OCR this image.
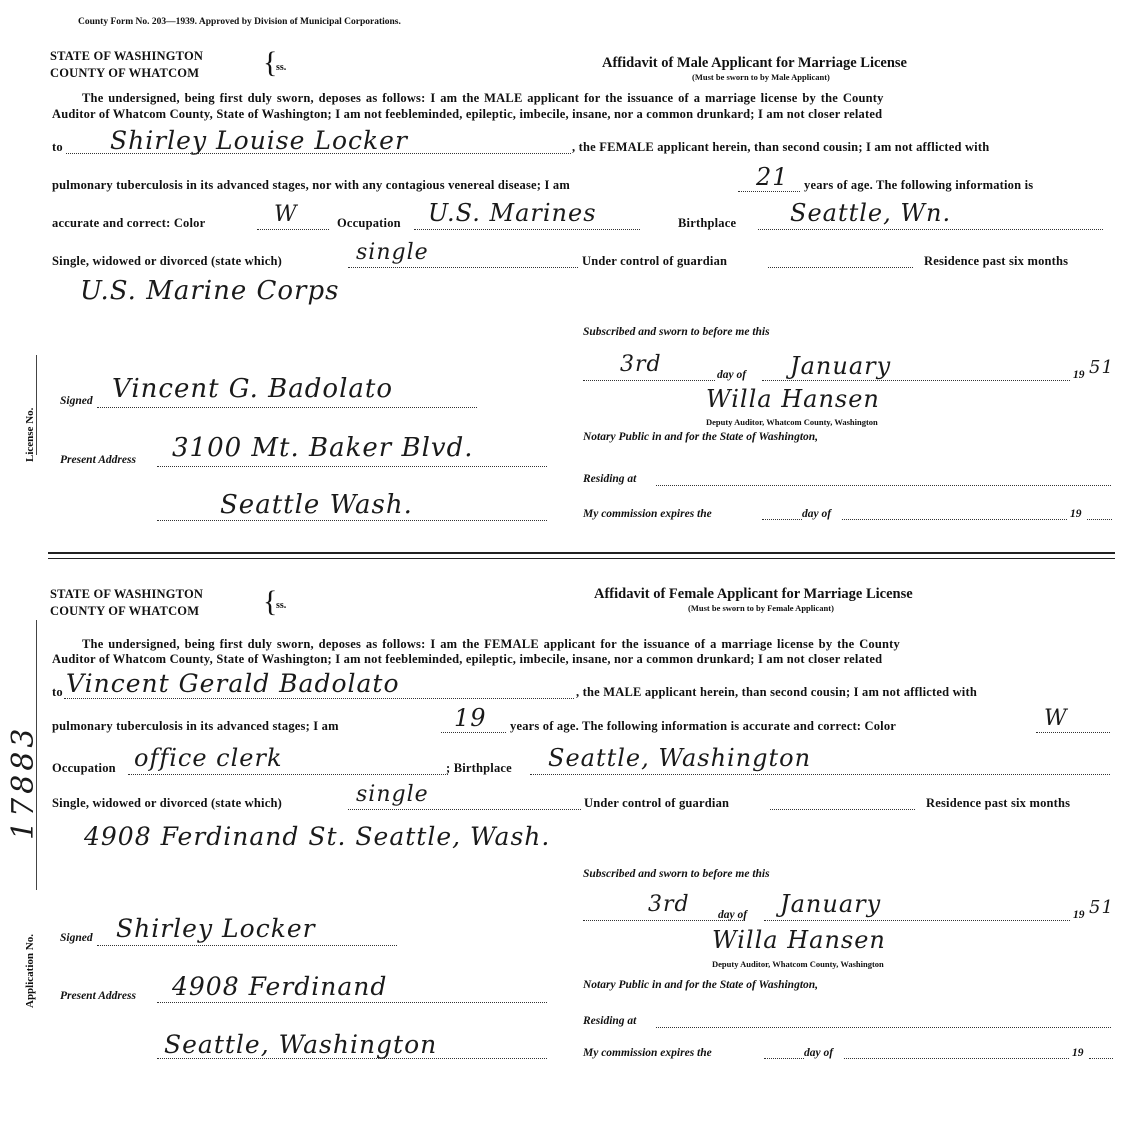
County Form No. 203—1939. Approved by Division of Municipal Corporations.
STATE OF WASHINGTON
COUNTY OF WHATCOM {
ss.	Affidavit of Male Applicant for Marriage License
(Must be sworn to by Male Applicant)
The undersigned, being first duly sworn, deposes as follows: I am the MALE applicant for the issuance of a marriage license by the County
Auditor of Whatcom County, State of Washington; I am not feebleminded, epileptic, imbecile, insane, nor a common drunkard; I am not closer related
to Shirley Louise Locker	, the FEMALE applicant herein, than second cousin; I am not afflicted with
pulmonary tuberculosis in its advanced stages, nor with any contagious venereal disease; I am	21 years of age. The following information is
accurate and correct: Color	W	Occupation U.S. Marines	Birthplace Seattle, Wn.
Single, widowed or divorced (state which)	single	Under control of guardian	Residence past six months
U.S. Marine Corps
Subscribed and sworn to before me this
3rd	day of January	19 51
Willa Hansen
Deputy Auditor, Whatcom County, Washington
Notary Public in and for the State of Washington,
Signed Vincent G. Badolato
Present Address 3100 Mt. Baker Blvd.
Seattle Wash.
Residing at
My commission expires the	day of	19
License No.
STATE OF WASHINGTON
COUNTY OF WHATCOM {
ss.
Affidavit of Female Applicant for Marriage License
(Must be sworn to by Female Applicant)
The undersigned, being first duly sworn, deposes as follows: I am the FEMALE applicant for the issuance of a marriage license by the County
Auditor of Whatcom County, State of Washington; I am not feebleminded, epileptic, imbecile, insane, nor a common drunkard; I am not closer related
to Vincent Gerald Badolato	, the MALE applicant herein, than second cousin; I am not afflicted with
pulmonary tuberculosis in its advanced stages; I am	19 years of age. The following information is accurate and correct: Color	W
Occupation office clerk	; Birthplace Seattle, Washington
Single, widowed or divorced (state which)	single	Under control of guardian	Residence past six months
4908 Ferdinand St. Seattle, Wash.
Subscribed and sworn to before me this
3rd day of January	19 51
Willa Hansen
Deputy Auditor, Whatcom County, Washington
Notary Public in and for the State of Washington,
Signed Shirley Locker
Present Address 4908 Ferdinand
Seattle, Washington
Residing at
My commission expires the	day of	19
Application No.
17883
